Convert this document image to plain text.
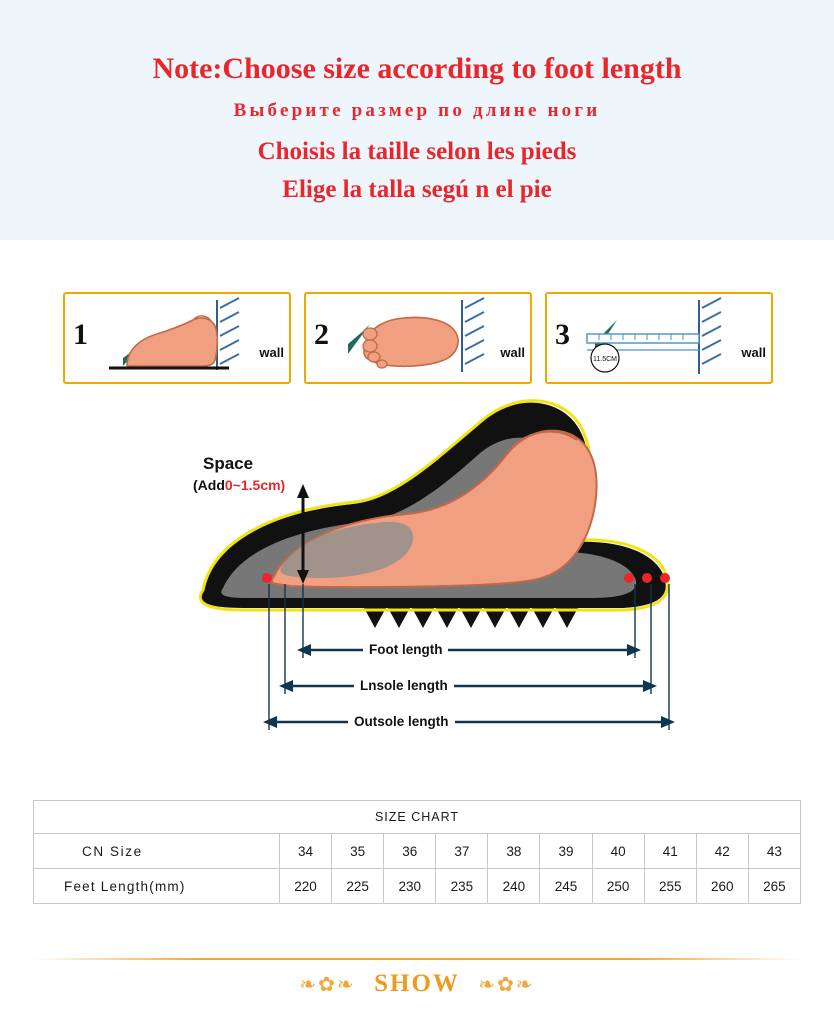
Note:Choose size according to foot length
Выберите размер по длине ноги
Choisis la taille selon les pieds
Elige la talla segú n el pie
1
wall
2
wall
3
11.5CM	wall
Space
(Add0~1.5cm)
Foot length
Lnsole length
Outsole length
SIZE CHART										
CN Size	34	35	36	37	38	39	40	41	42	43
Feet Length(mm)	220	225	230	235	240	245	250	255	260	265
❧✿❧ SHOW ❧✿❧
